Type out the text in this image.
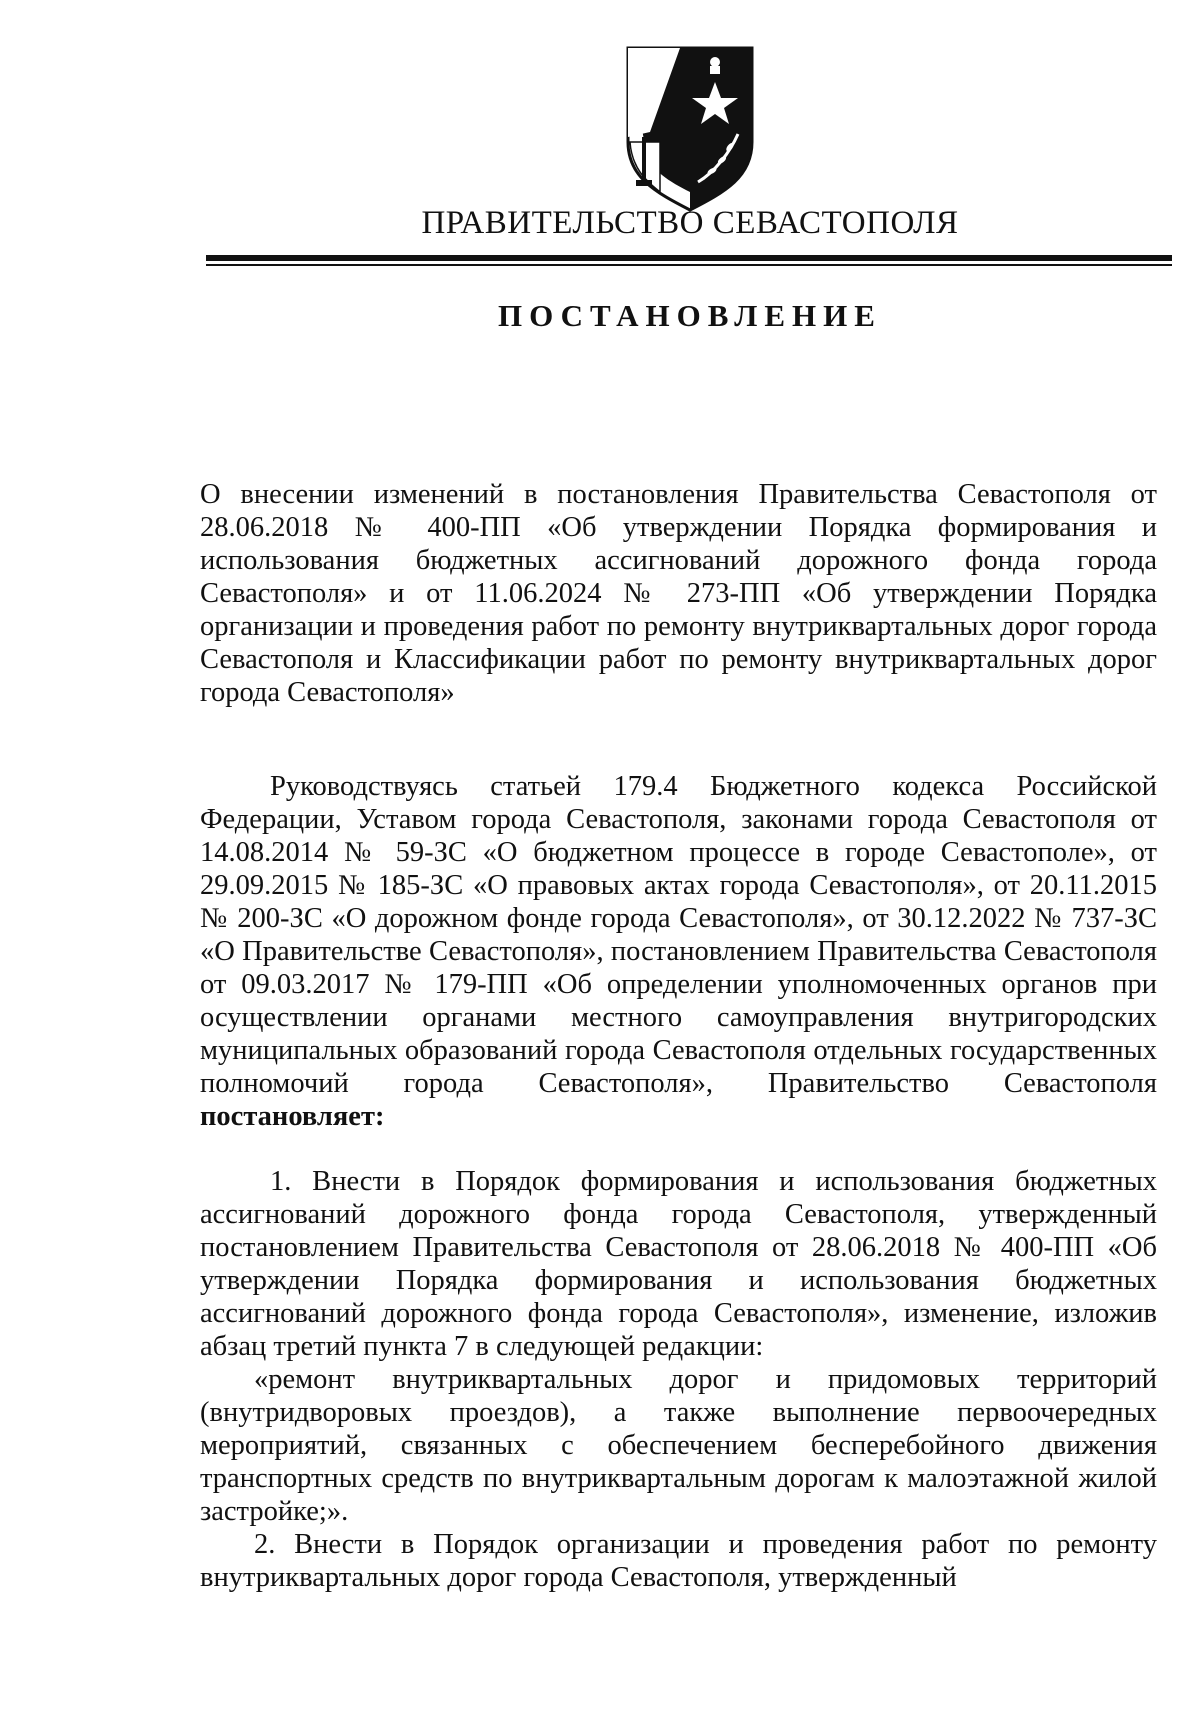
ПРАВИТЕЛЬСТВО СЕВАСТОПОЛЯ
ПОСТАНОВЛЕНИЕ

О внесении изменений в постановления Правительства Севастополя от 28.06.2018 № 400-ПП «Об утверждении Порядка формирования и использования бюджетных ассигнований дорожного фонда города Севастополя» и от 11.06.2024 № 273-ПП «Об утверждении Порядка организации и проведения работ по ремонту внутриквартальных дорог города Севастополя и Классификации работ по ремонту внутриквартальных дорог города Севастополя»

Руководствуясь статьей 179.4 Бюджетного кодекса Российской Федерации, Уставом города Севастополя, законами города Севастополя от 14.08.2014 № 59-ЗС «О бюджетном процессе в городе Севастополе», от 29.09.2015 № 185-ЗС «О правовых актах города Севастополя», от 20.11.2015 № 200-ЗС «О дорожном фонде города Севастополя», от 30.12.2022 № 737-ЗС «О Правительстве Севастополя», постановлением Правительства Севастополя от 09.03.2017 № 179-ПП «Об определении уполномоченных органов при осуществлении органами местного самоуправления внутригородских муниципальных образований города Севастополя отдельных государственных полномочий города Севастополя», Правительство Севастополя постановляет:

1. Внести в Порядок формирования и использования бюджетных ассигнований дорожного фонда города Севастополя, утвержденный постановлением Правительства Севастополя от 28.06.2018 № 400-ПП «Об утверждении Порядка формирования и использования бюджетных ассигнований дорожного фонда города Севастополя», изменение, изложив абзац третий пункта 7 в следующей редакции:

«ремонт внутриквартальных дорог и придомовых территорий (внутридворовых проездов), а также выполнение первоочередных мероприятий, связанных с обеспечением бесперебойного движения транспортных средств по внутриквартальным дорогам к малоэтажной жилой застройке;».

2. Внести в Порядок организации и проведения работ по ремонту внутриквартальных дорог города Севастополя, утвержденный
